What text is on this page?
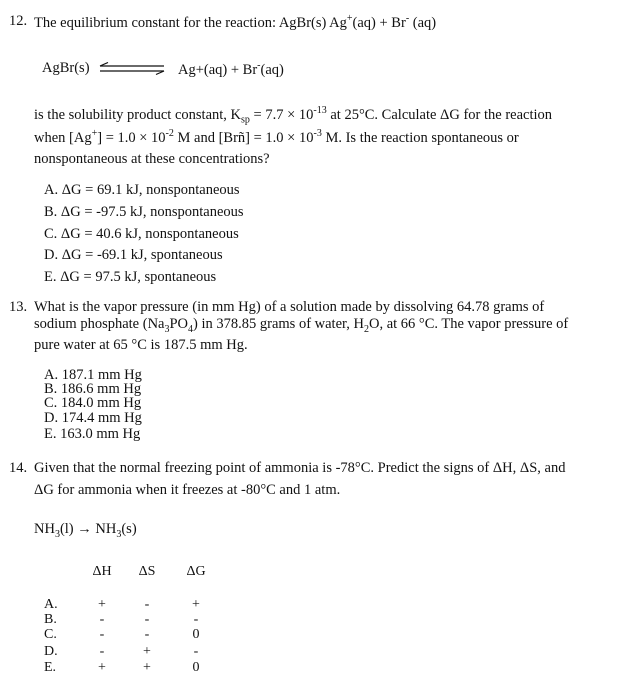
12. The equilibrium constant for the reaction: AgBr(s) Ag+(aq) + Br- (aq)
AgBr(s)	Ag+(aq) + Br-(aq)
is the solubility product constant, $K_{sp} = 7.7 \times 10^{-13}$ at 25°C. Calculate ΔG for the reaction
when $[Ag^+] = 1.0 \times 10^{-2}$ M and [Brñ] = $1.0 \times 10^{-3}$ M. Is the reaction spontaneous or
nonspontaneous at these concentrations?
A. ΔG = 69.1 kJ, nonspontaneous
B. ΔG = -97.5 kJ, nonspontaneous
C. ΔG = 40.6 kJ, nonspontaneous
D. ΔG = -69.1 kJ, spontaneous
E. ΔG = 97.5 kJ, spontaneous
13. What is the vapor pressure (in mm Hg) of a solution made by dissolving 64.78 grams of
sodium phosphate $(Na_3PO_4)$ in 378.85 grams of water, $H_2O$, at 66 °C. The vapor pressure of
pure water at 65 °C is 187.5 mm Hg.
A. 187.1 mm Hg
B. 186.6 mm Hg
C. 184.0 mm Hg
D. 174.4 mm Hg
E. 163.0 mm Hg
14. Given that the normal freezing point of ammonia is -78°C. Predict the signs of ΔH, ΔS, and
ΔG for ammonia when it freezes at -80°C and 1 atm.
$NH_3(l) \to NH_3(s)$
ΔH	ΔS	ΔG
A.	+	-	+
B.	-	-	-
C.	-	-	0
D.	-	+	-
E.	+	+	0
